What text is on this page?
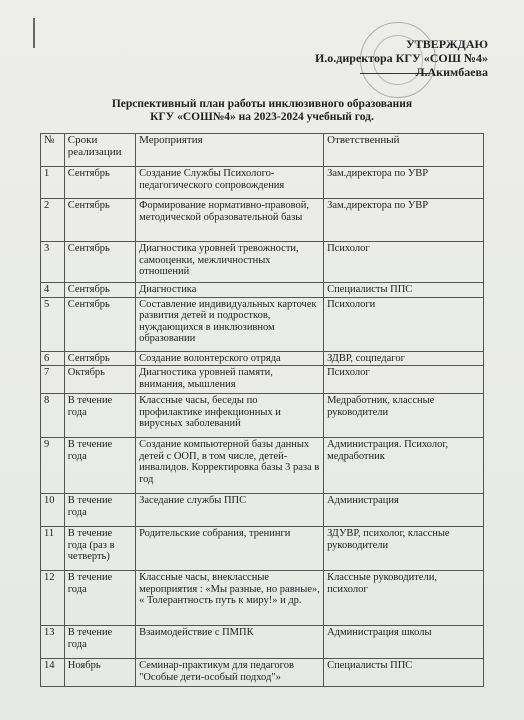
УТВЕРЖДАЮ
И.о.директора КГУ «СОШ №4»
Л.Акимбаева
Перспективный план работы инклюзивного образования
КГУ «СОШ№4» на 2023-2024 учебный год.
№	Сроки реализации	Мероприятия	Ответственный
1	Сентябрь	Создание Службы Психолого-педагогического сопровождения	Зам.директора по УВР
2	Сентябрь	Формирование нормативно-правовой, методической образовательной базы	Зам.директора по УВР
3	Сентябрь	Диагностика уровней тревожности, самооценки, межличностных отношений	Психолог
4	Сентябрь	Диагностика	Специалисты ППС
5	Сентябрь	Составление индивидуальных карточек развития детей и подростков, нуждающихся в инклюзивном образовании	Психологи
6	Сентябрь	Создание волонтерского отряда	ЗДВР, соцпедагог
7	Октябрь	Диагностика уровней памяти, внимания, мышления	Психолог
8	В течение года	Классные часы, беседы по профилактике инфекционных и вирусных заболеваний	Медработник, классные руководители
9	В течение года	Создание компьютерной базы данных детей с ООП, в том числе, детей-инвалидов. Корректировка базы 3 раза в год	Администрация. Психолог, медработник
10	В течение года	Заседание службы ППС	Администрация
11	В течение года (раз в четверть)	Родительские собрания, тренинги	ЗДУВР, психолог, классные руководители
12	В течение года	Классные часы, внеклассные мероприятия : «Мы разные, но равные», « Толерантность путь к миру!» и др.	Классные руководители, психолог
13	В течение года	Взаимодействие с ПМПК	Администрация школы
14	Ноябрь	Семинар-практикум для педагогов "Особые дети-особый подход"»	Специалисты ППС
